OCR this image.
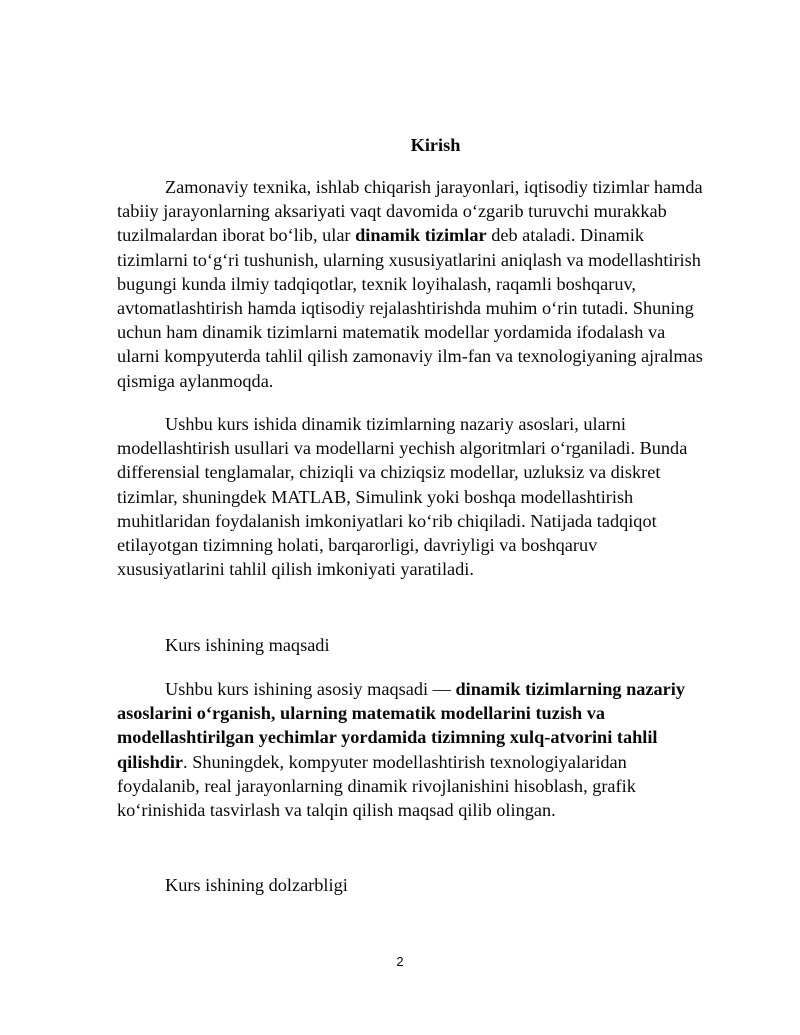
Kirish
Zamonaviy texnika, ishlab chiqarish jarayonlari, iqtisodiy tizimlar hamda
tabiiy jarayonlarning aksariyati vaqt davomida oʻzgarib turuvchi murakkab
tuzilmalardan iborat boʻlib, ular dinamik tizimlar deb ataladi. Dinamik
tizimlarni toʻgʻri tushunish, ularning xususiyatlarini aniqlash va modellashtirish
bugungi kunda ilmiy tadqiqotlar, texnik loyihalash, raqamli boshqaruv,
avtomatlashtirish hamda iqtisodiy rejalashtirishda muhim oʻrin tutadi. Shuning
uchun ham dinamik tizimlarni matematik modellar yordamida ifodalash va
ularni kompyuterda tahlil qilish zamonaviy ilm-fan va texnologiyaning ajralmas
qismiga aylanmoqda.
Ushbu kurs ishida dinamik tizimlarning nazariy asoslari, ularni
modellashtirish usullari va modellarni yechish algoritmlari oʻrganiladi. Bunda
differensial tenglamalar, chiziqli va chiziqsiz modellar, uzluksiz va diskret
tizimlar, shuningdek MATLAB, Simulink yoki boshqa modellashtirish
muhitlaridan foydalanish imkoniyatlari koʻrib chiqiladi. Natijada tadqiqot
etilayotgan tizimning holati, barqarorligi, davriyligi va boshqaruv
xususiyatlarini tahlil qilish imkoniyati yaratiladi.
Kurs ishining maqsadi
Ushbu kurs ishining asosiy maqsadi — dinamik tizimlarning nazariy
asoslarini oʻrganish, ularning matematik modellarini tuzish va
modellashtirilgan yechimlar yordamida tizimning xulq-atvorini tahlil
qilishdir. Shuningdek, kompyuter modellashtirish texnologiyalaridan
foydalanib, real jarayonlarning dinamik rivojlanishini hisoblash, grafik
koʻrinishida tasvirlash va talqin qilish maqsad qilib olingan.
Kurs ishining dolzarbligi
2
